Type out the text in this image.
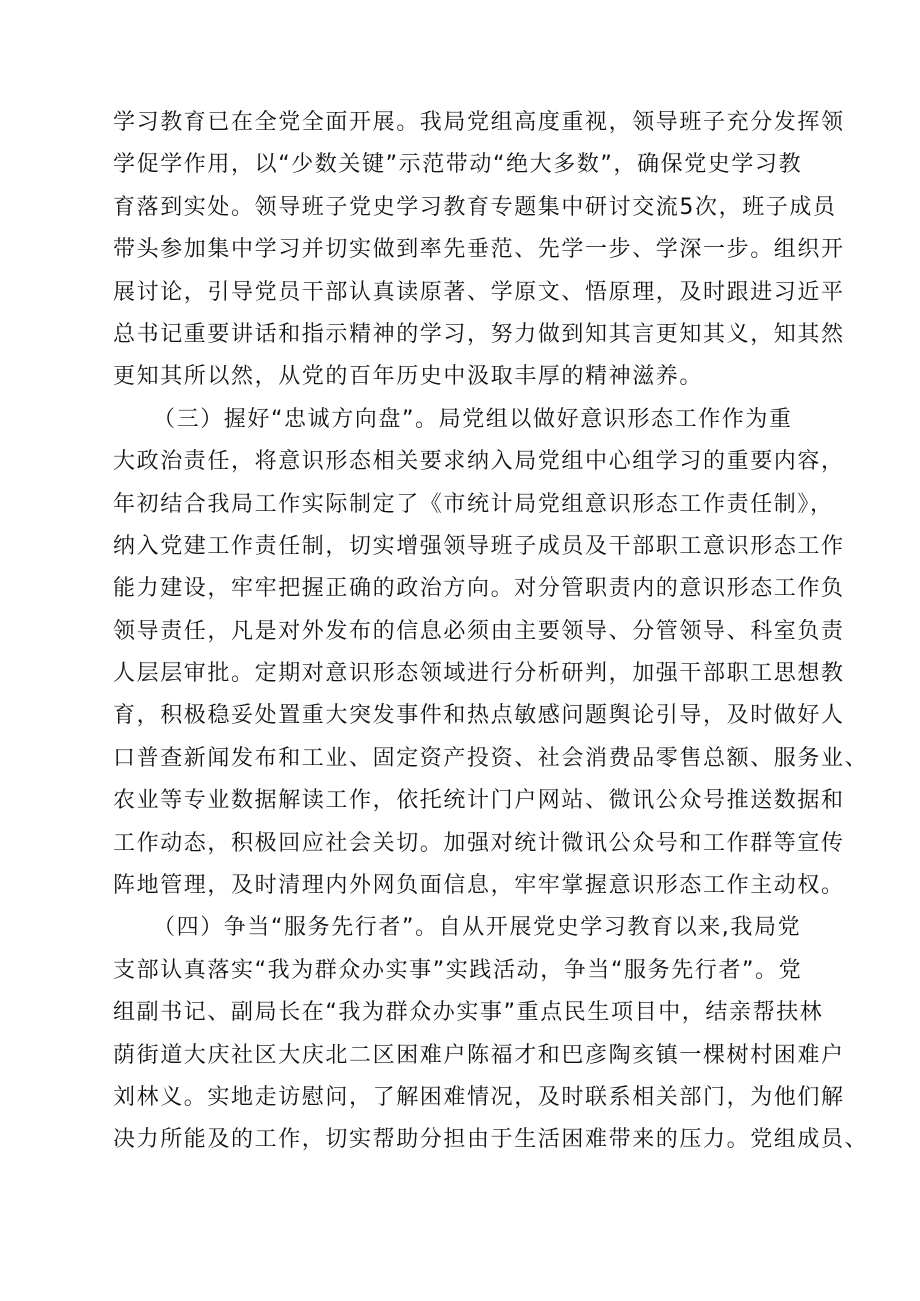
学习教育已在全党全面开展。我局党组高度重视，领导班子充分发挥领
学促学作用，以“少数关键”示范带动“绝大多数”，确保党史学习教
育落到实处。领导班子党史学习教育专题集中研讨交流5次，班子成员
带头参加集中学习并切实做到率先垂范、先学一步、学深一步。组织开
展讨论，引导党员干部认真读原著、学原文、悟原理，及时跟进习近平
总书记重要讲话和指示精神的学习，努力做到知其言更知其义，知其然
更知其所以然，从党的百年历史中汲取丰厚的精神滋养。
（三）握好“忠诚方向盘”。局党组以做好意识形态工作作为重
大政治责任，将意识形态相关要求纳入局党组中心组学习的重要内容，
年初结合我局工作实际制定了《市统计局党组意识形态工作责任制》，
纳入党建工作责任制，切实增强领导班子成员及干部职工意识形态工作
能力建设，牢牢把握正确的政治方向。对分管职责内的意识形态工作负
领导责任，凡是对外发布的信息必须由主要领导、分管领导、科室负责
人层层审批。定期对意识形态领域进行分析研判，加强干部职工思想教
育，积极稳妥处置重大突发事件和热点敏感问题舆论引导，及时做好人
口普查新闻发布和工业、固定资产投资、社会消费品零售总额、服务业、
农业等专业数据解读工作，依托统计门户网站、微讯公众号推送数据和
工作动态，积极回应社会关切。加强对统计微讯公众号和工作群等宣传
阵地管理，及时清理内外网负面信息，牢牢掌握意识形态工作主动权。
（四）争当“服务先行者”。自从开展党史学习教育以来,我局党
支部认真落实“我为群众办实事”实践活动，争当“服务先行者”。党
组副书记、副局长在“我为群众办实事”重点民生项目中，结亲帮扶林
荫街道大庆社区大庆北二区困难户陈福才和巴彦陶亥镇一棵树村困难户
刘林义。实地走访慰问，了解困难情况，及时联系相关部门，为他们解
决力所能及的工作，切实帮助分担由于生活困难带来的压力。党组成员、
